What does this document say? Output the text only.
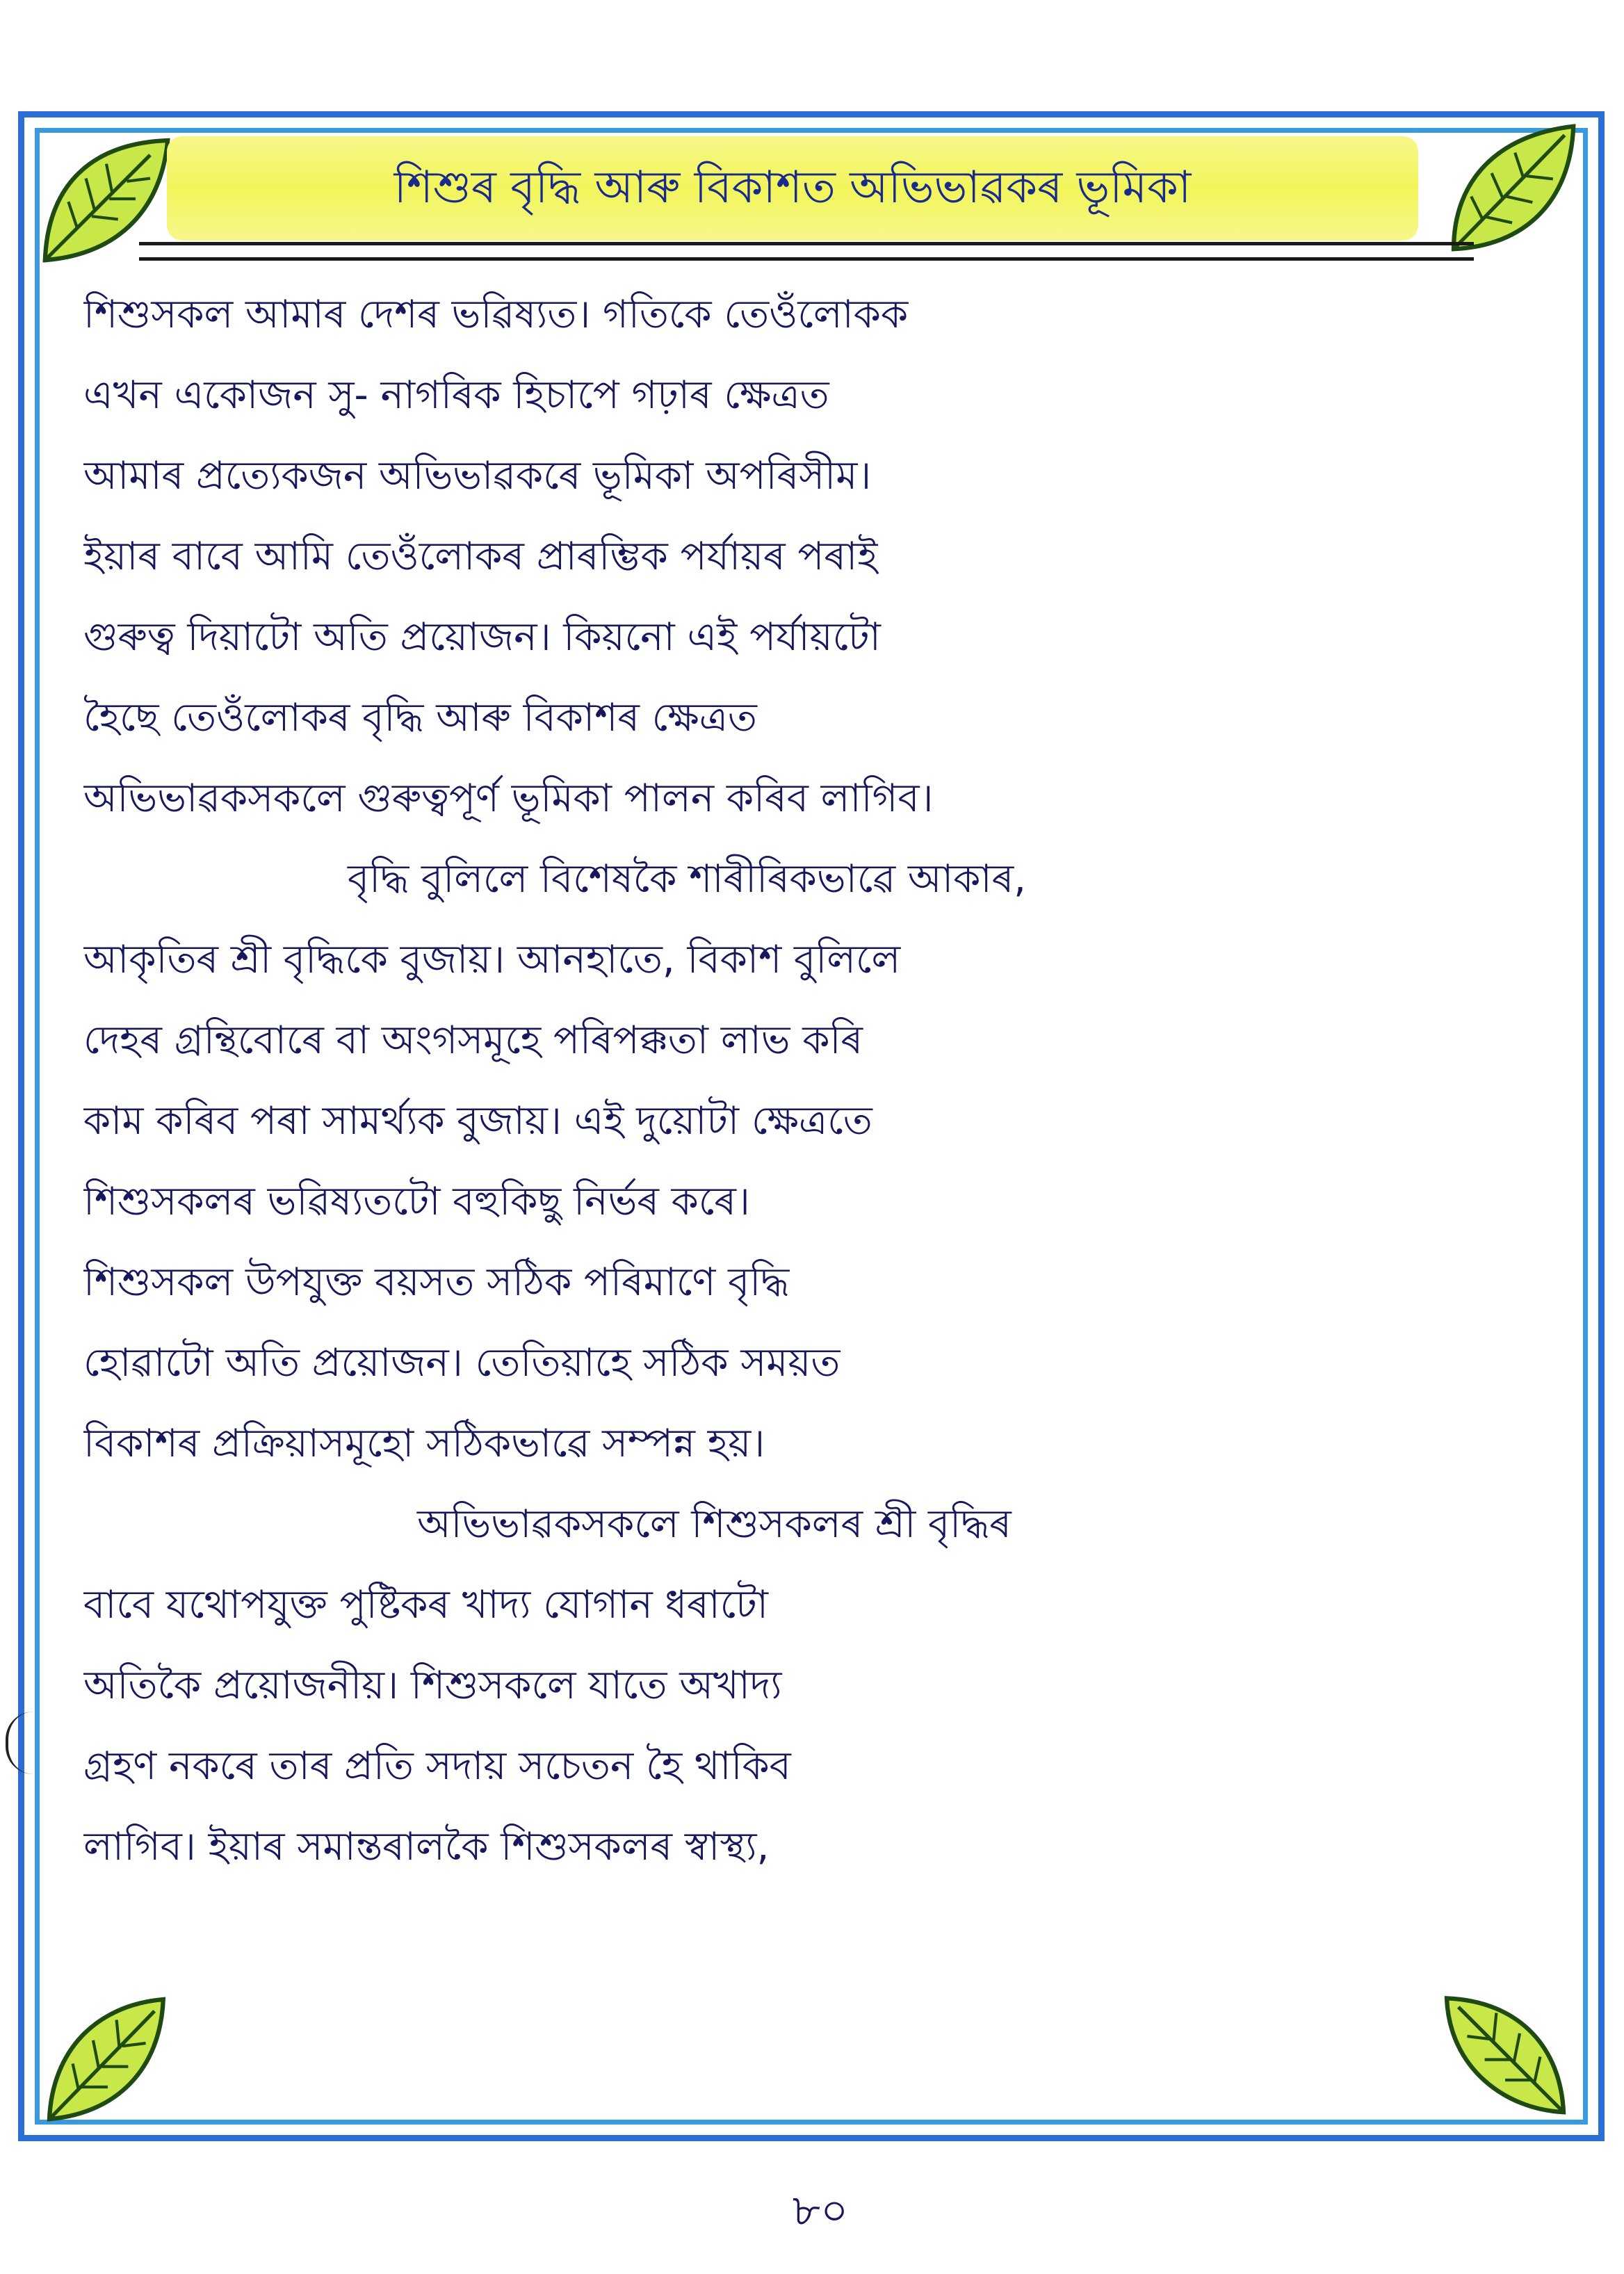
শিশুৰ বৃদ্ধি আৰু বিকাশত অভিভাৱকৰ ভূমিকা
শিশুসকল আমাৰ দেশৰ ভৱিষ্যত। গতিকে তেওঁলোকক
এখন একোজন সু- নাগৰিক হিচাপে গঢ়াৰ ক্ষেত্ৰত
আমাৰ প্ৰত্যেকজন অভিভাৱকৰে ভূমিকা অপৰিসীম।
ইয়াৰ বাবে আমি তেওঁলোকৰ প্ৰাৰম্ভিক পৰ্যায়ৰ পৰাই
গুৰুত্ব দিয়াটো অতি প্ৰয়োজন। কিয়নো এই পৰ্যায়টো
হৈছে তেওঁলোকৰ বৃদ্ধি আৰু বিকাশৰ ক্ষেত্ৰত
অভিভাৱকসকলে গুৰুত্বপূৰ্ণ ভূমিকা পালন কৰিব লাগিব।
বৃদ্ধি বুলিলে বিশেষকৈ শাৰীৰিকভাৱে আকাৰ,
আকৃতিৰ শ্ৰী বৃদ্ধিকে বুজায়। আনহাতে, বিকাশ বুলিলে
দেহৰ গ্ৰন্থিবোৰে বা অংগসমূহে পৰিপক্কতা লাভ কৰি
কাম কৰিব পৰা সামৰ্থ্যক বুজায়। এই দুয়োটা ক্ষেত্ৰতে
শিশুসকলৰ ভৱিষ্যতটো বহুকিছু নিৰ্ভৰ কৰে।
শিশুসকল উপযুক্ত বয়সত সঠিক পৰিমাণে বৃদ্ধি
হোৱাটো অতি প্ৰয়োজন। তেতিয়াহে সঠিক সময়ত
বিকাশৰ প্ৰক্ৰিয়াসমূহো সঠিকভাৱে সম্পন্ন হয়।
অভিভাৱকসকলে শিশুসকলৰ শ্ৰী বৃদ্ধিৰ
বাবে যথোপযুক্ত পুষ্টিকৰ খাদ্য যোগান ধৰাটো
অতিকৈ প্ৰয়োজনীয়। শিশুসকলে যাতে অখাদ্য
গ্ৰহণ নকৰে তাৰ প্ৰতি সদায় সচেতন হৈ থাকিব
লাগিব। ইয়াৰ সমান্তৰালকৈ শিশুসকলৰ স্বাস্থ্য,
৮০
